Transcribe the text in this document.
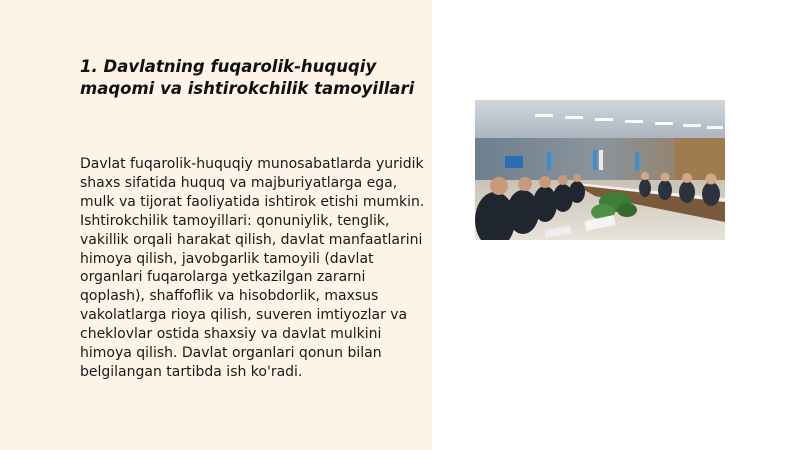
1. Davlatning fuqarolik-huquqiy maqomi va ishtirokchilik tamoyillari

Davlat fuqarolik-huquqiy munosabatlarda yuridik shaxs sifatida huquq va majburiyatlarga ega, mulk va tijorat faoliyatida ishtirok etishi mumkin. Ishtirokchilik tamoyillari: qonuniylik, tenglik, vakillik orqali harakat qilish, davlat manfaatlarini himoya qilish, javobgarlik tamoyili (davlat organlari fuqarolarga yetkazilgan zararni qoplash), shaffoflik va hisobdorlik, maxsus vakolatlarga rioya qilish, suveren imtiyozlar va cheklovlar ostida shaxsiy va davlat mulkini himoya qilish. Davlat organlari qonun bilan belgilangan tartibda ish ko'radi.
